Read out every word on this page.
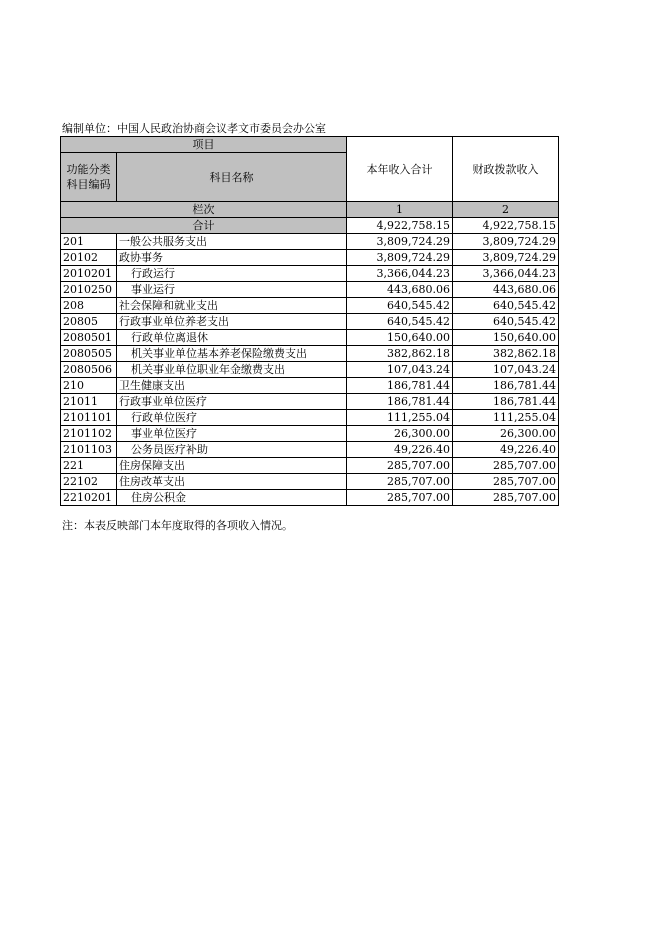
编制单位：中国人民政治协商会议孝文市委员会办公室
项目		本年收入合计	财政拨款收入
功能分类
科目编码	科目名称		

栏次		1	2
合计		4,922,758.15	4,922,758.15
201	一般公共服务支出	3,809,724.29	3,809,724.29
20102	政协事务	3,809,724.29	3,809,724.29
2010201	行政运行	3,366,044.23	3,366,044.23
2010250	事业运行	443,680.06	443,680.06
208	社会保障和就业支出	640,545.42	640,545.42
20805	行政事业单位养老支出	640,545.42	640,545.42
2080501	行政单位离退休	150,640.00	150,640.00
2080505	机关事业单位基本养老保险缴费支出	382,862.18	382,862.18
2080506	机关事业单位职业年金缴费支出	107,043.24	107,043.24
210	卫生健康支出	186,781.44	186,781.44
21011	行政事业单位医疗	186,781.44	186,781.44
2101101	行政单位医疗	111,255.04	111,255.04
2101102	事业单位医疗	26,300.00	26,300.00
2101103	公务员医疗补助	49,226.40	49,226.40
221	住房保障支出	285,707.00	285,707.00
22102	住房改革支出	285,707.00	285,707.00
2210201	住房公积金	285,707.00	285,707.00
注：本表反映部门本年度取得的各项收入情况。
